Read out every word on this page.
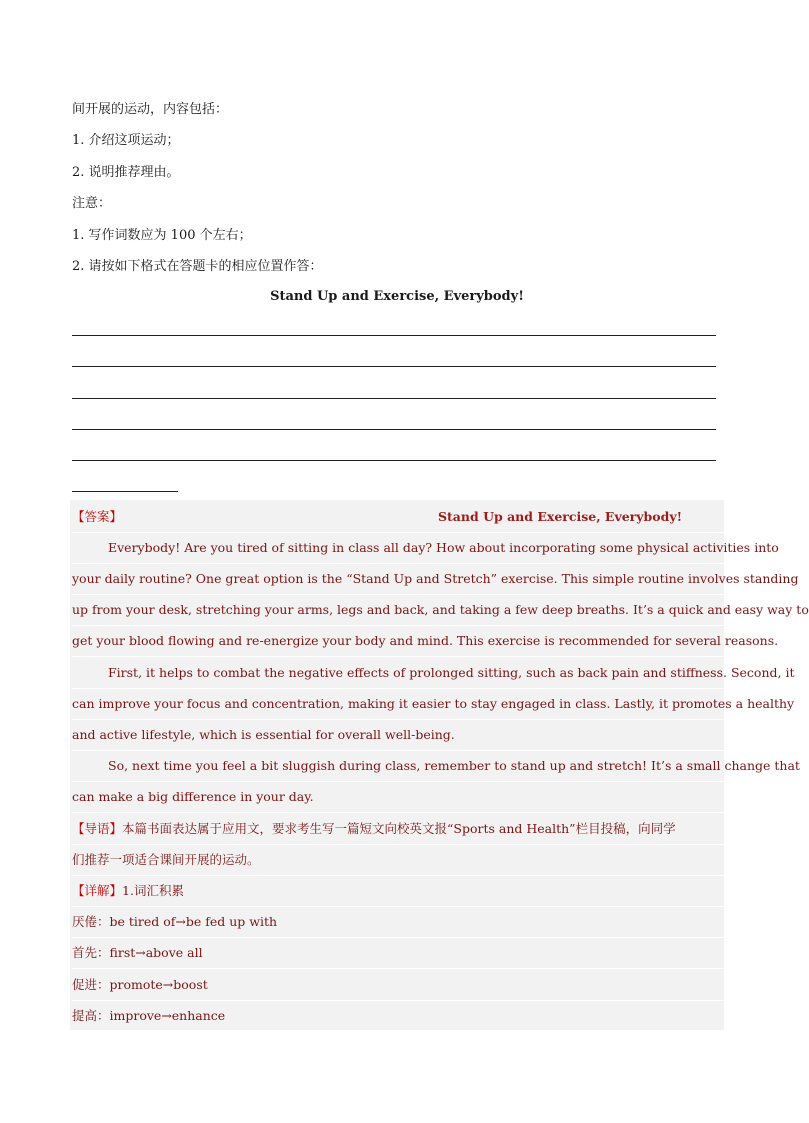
间开展的运动，内容包括：
1. 介绍这项运动；
2. 说明推荐理由。
注意：
1. 写作词数应为 100 个左右；
2. 请按如下格式在答题卡的相应位置作答：
Stand Up and Exercise, Everybody!
【答案】	Stand Up and Exercise, Everybody!
Everybody! Are you tired of sitting in class all day? How about incorporating some physical activities into
your daily routine? One great option is the “Stand Up and Stretch” exercise. This simple routine involves standing
up from your desk, stretching your arms, legs and back, and taking a few deep breaths. It’s a quick and easy way to
get your blood flowing and re-energize your body and mind. This exercise is recommended for several reasons.
First, it helps to combat the negative effects of prolonged sitting, such as back pain and stiffness. Second, it
can improve your focus and concentration, making it easier to stay engaged in class. Lastly, it promotes a healthy
and active lifestyle, which is essential for overall well-being.
So, next time you feel a bit sluggish during class, remember to stand up and stretch! It’s a small change that
can make a big difference in your day.
【导语】本篇书面表达属于应用文，要求考生写一篇短文向校英文报“Sports and Health”栏目投稿，向同学
们推荐一项适合课间开展的运动。
【详解】1.词汇积累
厌倦：be tired of→be fed up with
首先：first→above all
促进：promote→boost
提高：improve→enhance
